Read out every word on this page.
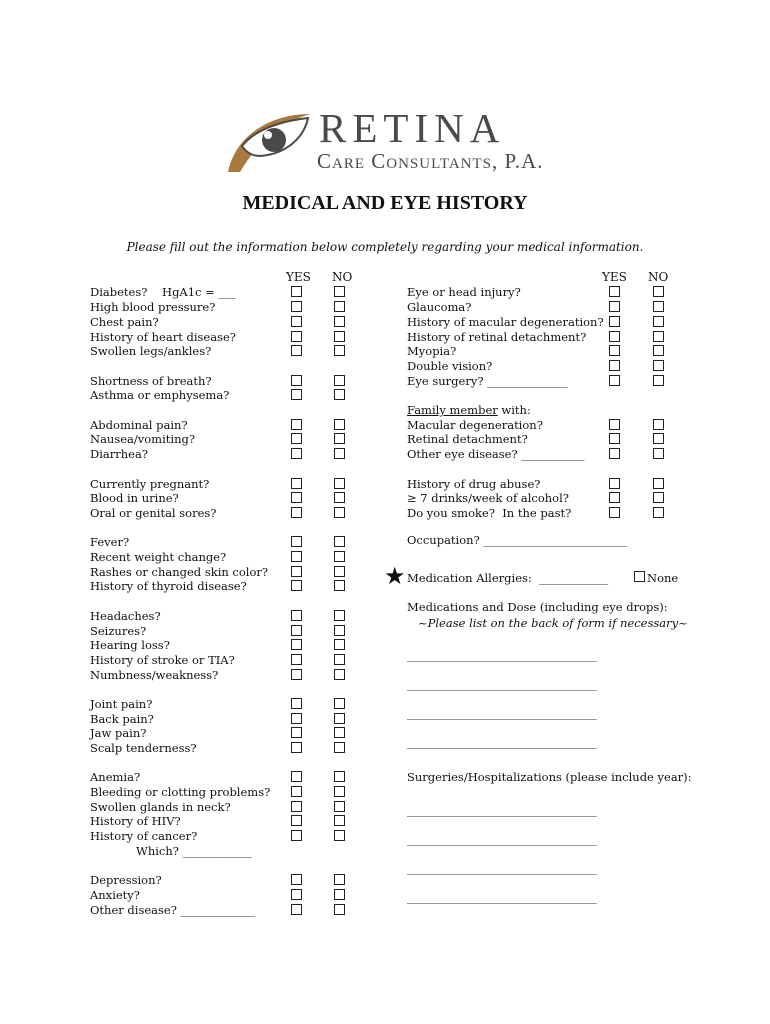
RETINA
Care Consultants, P.A.
MEDICAL AND EYE HISTORY
Please fill out the information below completely regarding your medical information.
YES NO	YES NO
Diabetes?    HgA1c = ___
High blood pressure?
Chest pain?
History of heart disease?
Swollen legs/ankles?
Shortness of breath?
Asthma or emphysema?
Abdominal pain?
Nausea/vomiting?
Diarrhea?
Currently pregnant?
Blood in urine?
Oral or genital sores?
Fever?
Recent weight change?
Rashes or changed skin color?
History of thyroid disease?
Headaches?
Seizures?
Hearing loss?
History of stroke or TIA?
Numbness/weakness?
Joint pain?
Back pain?
Jaw pain?
Scalp tenderness?
Anemia?
Bleeding or clotting problems?
Swollen glands in neck?
History of HIV?
History of cancer?
Depression?
Anxiety?
Other disease? _____________
Which? ____________
Eye or head injury?
Glaucoma?
History of macular degeneration?
History of retinal detachment?
Myopia?
Double vision?
Eye surgery? ______________
Macular degeneration?
Retinal detachment?
Other eye disease? ___________
History of drug abuse?
≥ 7 drinks/week of alcohol?
Do you smoke?  In the past?
Family member with:
Occupation? _________________________
★ Medication Allergies:  ____________	None
Medications and Dose (including eye drops):
~Please list on the back of form if necessary~
_________________________________
_________________________________
_________________________________
_________________________________
Surgeries/Hospitalizations (please include year):
_________________________________
_________________________________
_________________________________
_________________________________
